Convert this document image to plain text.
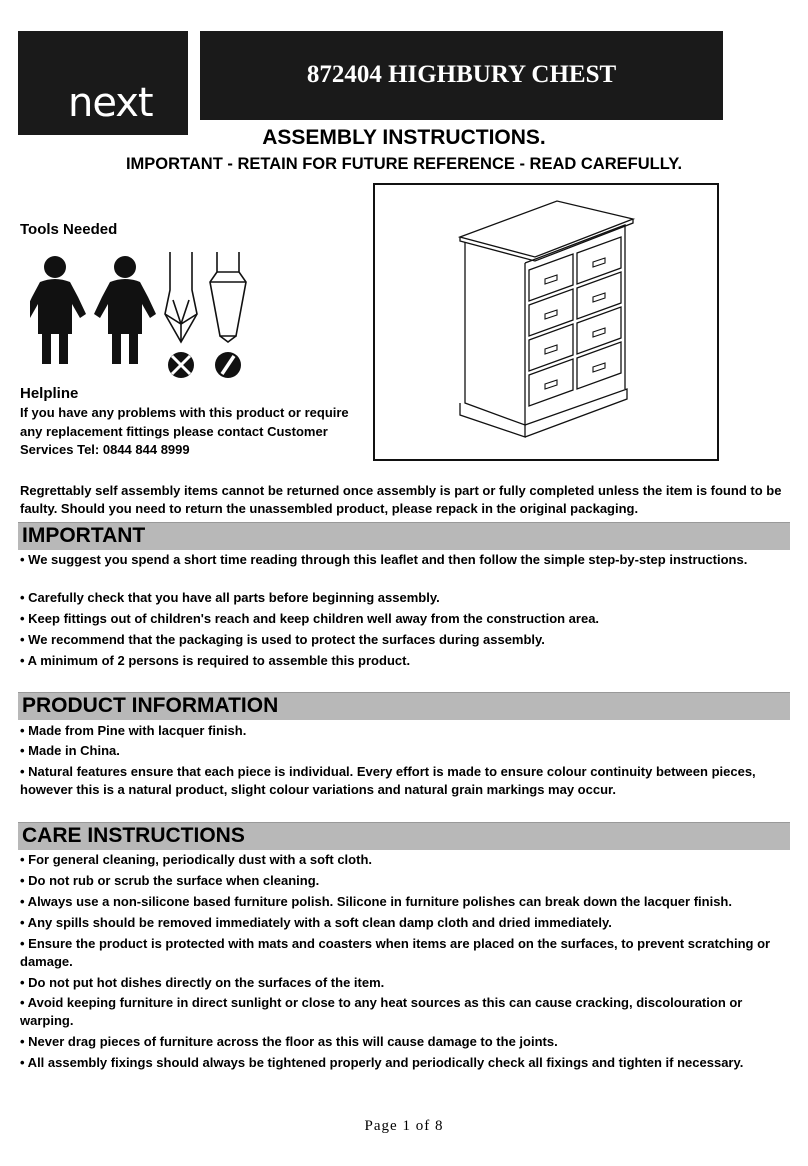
next
872404 HIGHBURY CHEST
ASSEMBLY INSTRUCTIONS.
IMPORTANT - RETAIN FOR FUTURE REFERENCE - READ CAREFULLY.
Tools Needed
Helpline
If you have any problems with this product or require
any replacement fittings please contact Customer
Services Tel: 0844 844 8999
Regrettably self assembly items cannot be returned once assembly is part or fully completed unless the item is found to be faulty. Should you need to return the unassembled product, please repack in the original packaging.
IMPORTANT
• We suggest you spend a short time reading through this leaflet and then follow the simple step-by-step instructions.
• Carefully check that you have all parts before beginning assembly.
• Keep fittings out of children's reach and keep children well away from the construction area.
• We recommend that the packaging is used to protect the surfaces during assembly.
• A minimum of 2 persons is required to assemble this product.
PRODUCT INFORMATION
• Made from Pine with lacquer finish.
• Made in China.
• Natural features ensure that each piece is individual. Every effort is made to ensure colour continuity between pieces, however this is a natural product, slight colour variations and natural grain markings may occur.
CARE INSTRUCTIONS
• For general cleaning, periodically dust with a soft cloth.
• Do not rub or scrub the surface when cleaning.
• Always use a non-silicone based furniture polish. Silicone in furniture polishes can break down the lacquer finish.
• Any spills should be removed immediately with a soft clean damp cloth and dried immediately.
• Ensure the product is protected with mats and coasters when items are placed on the surfaces, to prevent scratching or damage.
• Do not put hot dishes directly on the surfaces of the item.
• Avoid keeping furniture in direct sunlight or close to any heat sources as this can cause cracking, discolouration or warping.
• Never drag pieces of furniture across the floor as this will cause damage to the joints.
• All assembly fixings should always be tightened properly and periodically check all fixings and tighten if necessary.
Page 1 of 8
